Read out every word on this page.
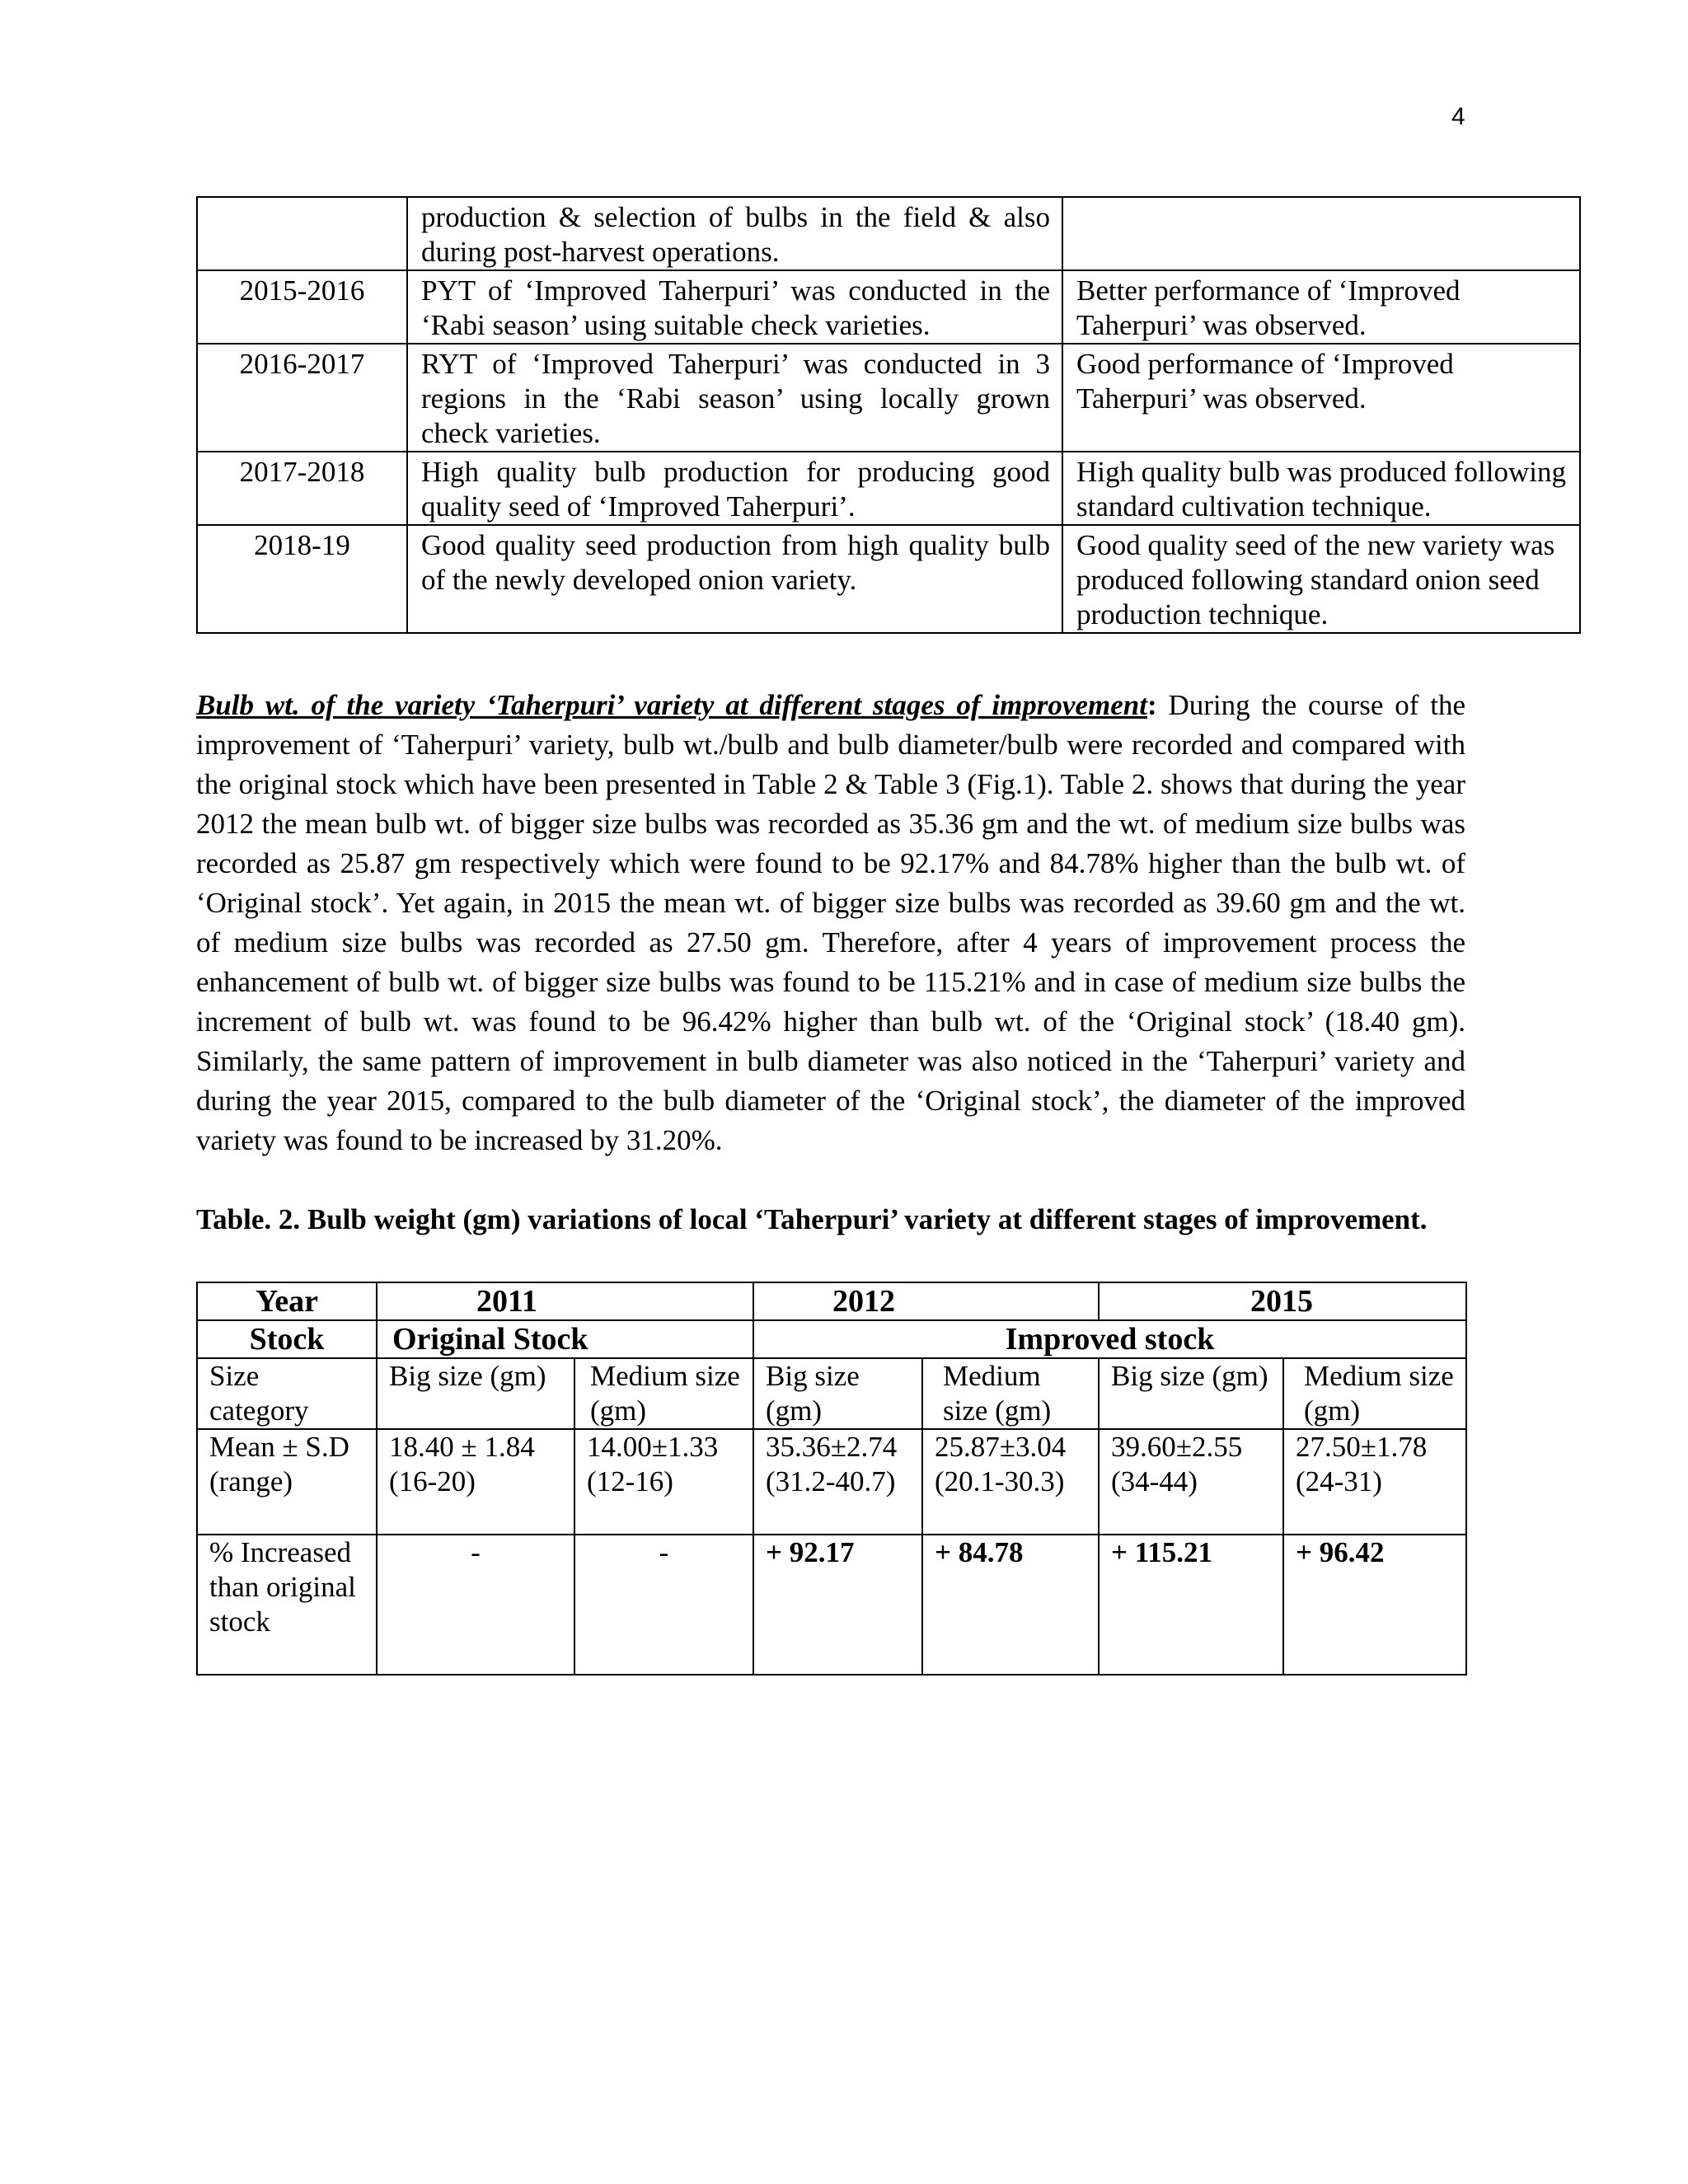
4
	production & selection of bulbs in the field & also during post-harvest operations.	
2015-2016	PYT of ‘Improved Taherpuri’ was conducted in the ‘Rabi season’ using suitable check varieties.	Better performance of ‘Improved Taherpuri’ was observed.
2016-2017	RYT of ‘Improved Taherpuri’ was conducted in 3 regions in the ‘Rabi season’ using locally grown check varieties.	Good performance of ‘Improved Taherpuri’ was observed.
2017-2018	High quality bulb production for producing good quality seed of ‘Improved Taherpuri’.	High quality bulb was produced following standard cultivation technique.
2018-19	Good quality seed production from high quality bulb of the newly developed onion variety.	Good quality seed of the new variety was produced following standard onion seed production technique.

Bulb wt. of the variety ‘Taherpuri’ variety at different stages of improvement: During the course of the improvement of ‘Taherpuri’ variety, bulb wt./bulb and bulb diameter/bulb were recorded and compared with the original stock which have been presented in Table 2 & Table 3 (Fig.1). Table 2. shows that during the year 2012 the mean bulb wt. of bigger size bulbs was recorded as 35.36 gm and the wt. of medium size bulbs was recorded as 25.87 gm respectively which were found to be 92.17% and 84.78% higher than the bulb wt. of ‘Original stock’. Yet again, in 2015 the mean wt. of bigger size bulbs was recorded as 39.60 gm and the wt. of medium size bulbs was recorded as 27.50 gm. Therefore, after 4 years of improvement process the enhancement of bulb wt. of bigger size bulbs was found to be 115.21% and in case of medium size bulbs the increment of bulb wt. was found to be 96.42% higher than bulb wt. of the ‘Original stock’ (18.40 gm). Similarly, the same pattern of improvement in bulb diameter was also noticed in the ‘Taherpuri’ variety and during the year 2015, compared to the bulb diameter of the ‘Original stock’, the diameter of the improved variety was found to be increased by 31.20%.

Table. 2. Bulb weight (gm) variations of local ‘Taherpuri’ variety at different stages of improvement.

Year	2011		2012		2015	
Stock	Original Stock		Improved stock			
Size category	Big size (gm)	Medium size (gm)	Big size (gm)	Medium size (gm)	Big size (gm)	Medium size (gm)
Mean ± S.D (range)	18.40 ± 1.84 (16-20)	14.00±1.33 (12-16)	35.36±2.74 (31.2-40.7)	25.87±3.04 (20.1-30.3)	39.60±2.55 (34-44)	27.50±1.78 (24-31)
% Increased than original stock	-	-	+ 92.17	+ 84.78	+ 115.21	+ 96.42
